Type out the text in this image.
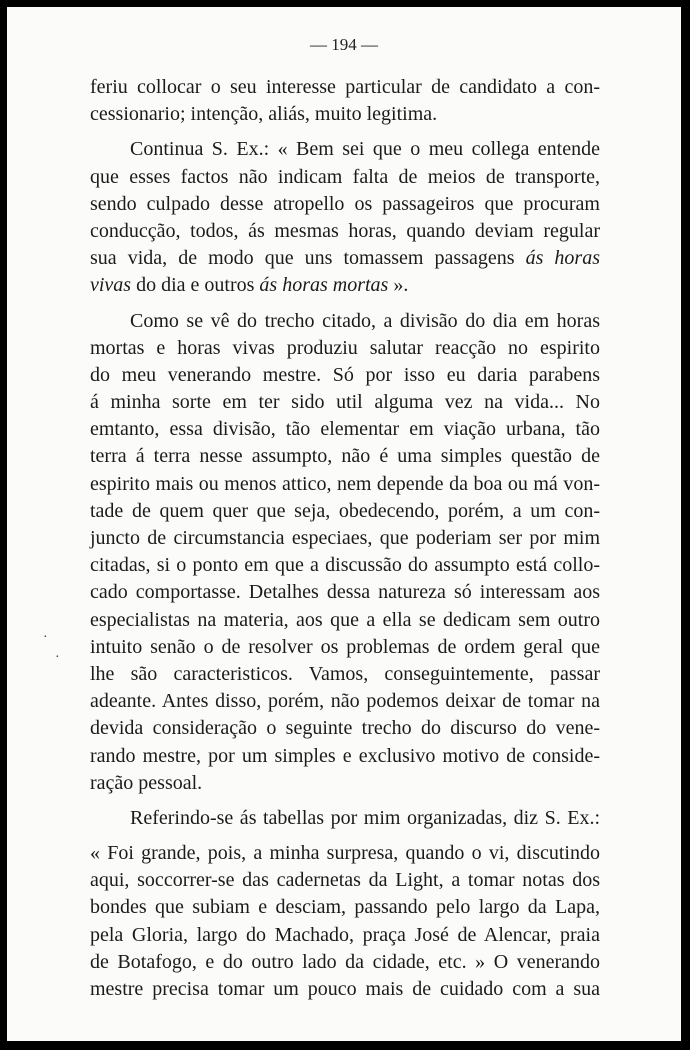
— 194 —
feriu collocar o seu interesse particular de candidato a con-
cessionario; intenção, aliás, muito legitima.
Continua S. Ex.: « Bem sei que o meu collega entende
que esses factos não indicam falta de meios de transporte,
sendo culpado desse atropello os passageiros que procuram
conducção, todos, ás mesmas horas, quando deviam regular
sua vida, de modo que uns tomassem passagens ás horas
vivas do dia e outros ás horas mortas ».
Como se vê do trecho citado, a divisão do dia em horas
mortas e horas vivas produziu salutar reacção no espirito
do meu venerando mestre. Só por isso eu daria parabens
á minha sorte em ter sido util alguma vez na vida... No
emtanto, essa divisão, tão elementar em viação urbana, tão
terra á terra nesse assumpto, não é uma simples questão de
espirito mais ou menos attico, nem depende da boa ou má von-
tade de quem quer que seja, obedecendo, porém, a um con-
juncto de circumstancia especiaes, que poderiam ser por mim
citadas, si o ponto em que a discussão do assumpto está collo-
cado comportasse. Detalhes dessa natureza só interessam aos
especialistas na materia, aos que a ella se dedicam sem outro
intuito senão o de resolver os problemas de ordem geral que
lhe são caracteristicos. Vamos, conseguintemente, passar
adeante. Antes disso, porém, não podemos deixar de tomar na
devida consideração o seguinte trecho do discurso do vene-
rando mestre, por um simples e exclusivo motivo de conside-
ração pessoal.
Referindo-se ás tabellas por mim organizadas, diz S. Ex.:
« Foi grande, pois, a minha surpresa, quando o vi, discutindo
aqui, soccorrer-se das cadernetas da Light, a tomar notas dos
bondes que subiam e desciam, passando pelo largo da Lapa,
pela Gloria, largo do Machado, praça José de Alencar, praia
de Botafogo, e do outro lado da cidade, etc. » O venerando
mestre precisa tomar um pouco mais de cuidado com a sua
·
·
